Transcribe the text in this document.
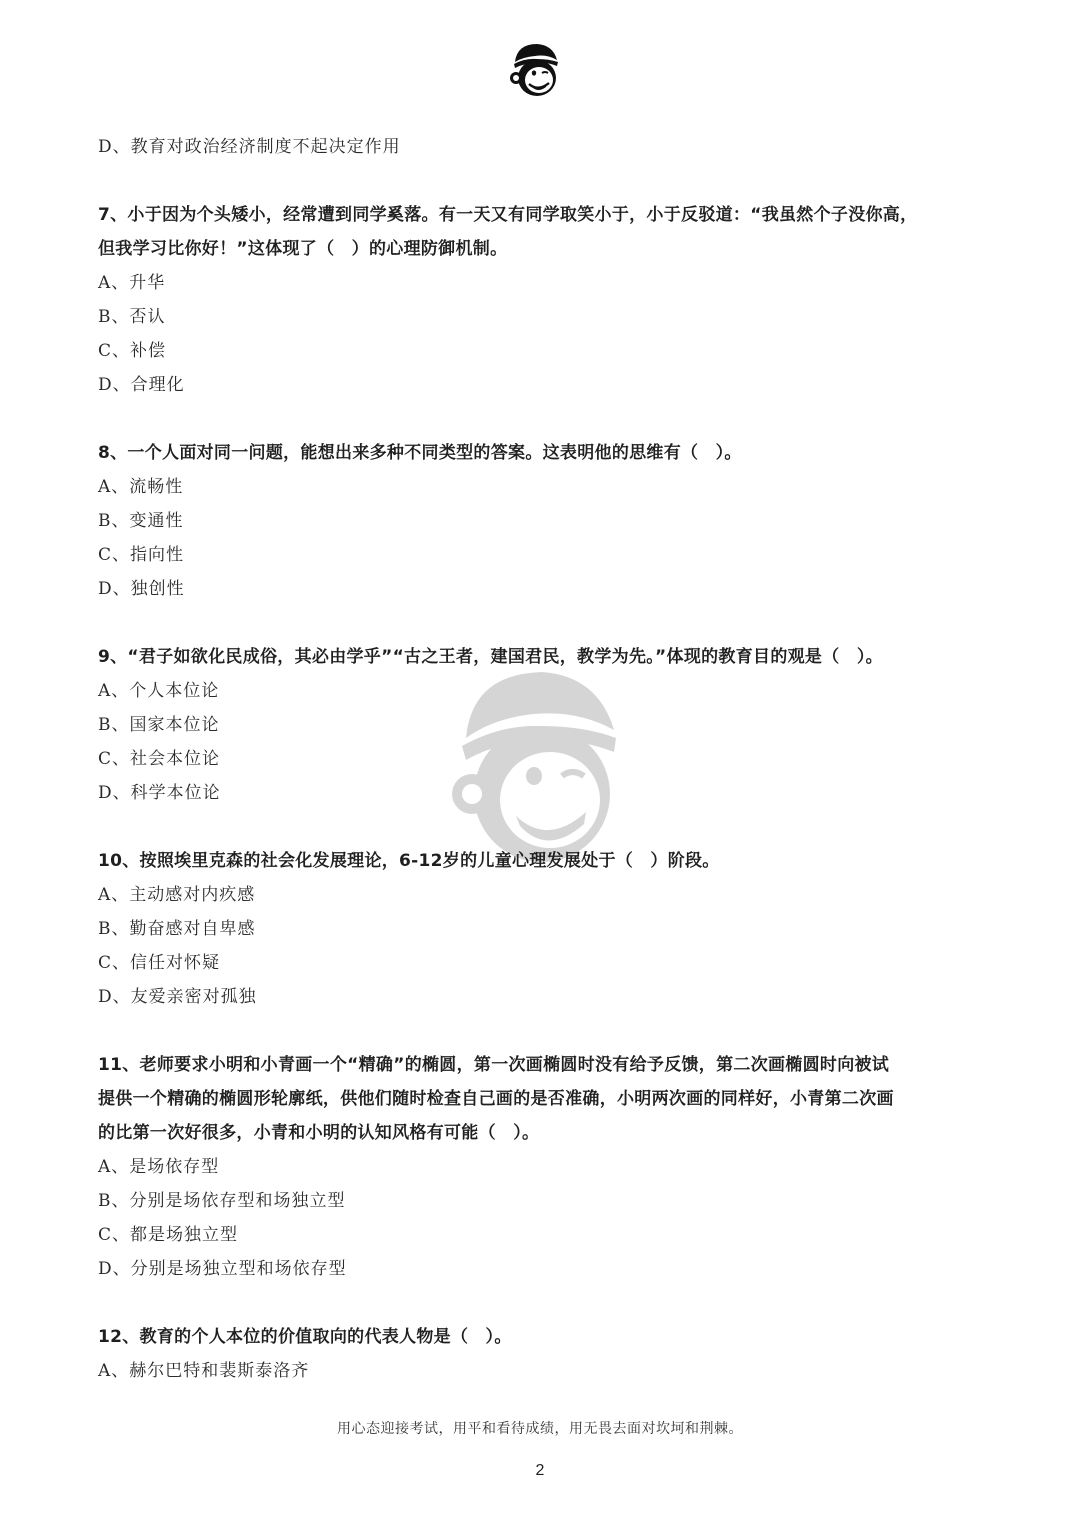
D、教育对政治经济制度不起决定作用
7、小于因为个头矮小，经常遭到同学奚落。有一天又有同学取笑小于，小于反驳道：“我虽然个子没你高，
但我学习比你好！”这体现了（　）的心理防御机制。
A、升华
B、否认
C、补偿
D、合理化
8、一个人面对同一问题，能想出来多种不同类型的答案。这表明他的思维有（　）。
A、流畅性
B、变通性
C、指向性
D、独创性
9、“君子如欲化民成俗，其必由学乎”“古之王者，建国君民，教学为先。”体现的教育目的观是（　）。
A、个人本位论
B、国家本位论
C、社会本位论
D、科学本位论
10、按照埃里克森的社会化发展理论，6-12岁的儿童心理发展处于（　）阶段。
A、主动感对内疚感
B、勤奋感对自卑感
C、信任对怀疑
D、友爱亲密对孤独
11、老师要求小明和小青画一个“精确”的椭圆，第一次画椭圆时没有给予反馈，第二次画椭圆时向被试
提供一个精确的椭圆形轮廓纸，供他们随时检查自己画的是否准确，小明两次画的同样好，小青第二次画
的比第一次好很多，小青和小明的认知风格有可能（　）。
A、是场依存型
B、分别是场依存型和场独立型
C、都是场独立型
D、分别是场独立型和场依存型
12、教育的个人本位的价值取向的代表人物是（　）。
A、赫尔巴特和裴斯泰洛齐
用心态迎接考试，用平和看待成绩，用无畏去面对坎坷和荆棘。
2
